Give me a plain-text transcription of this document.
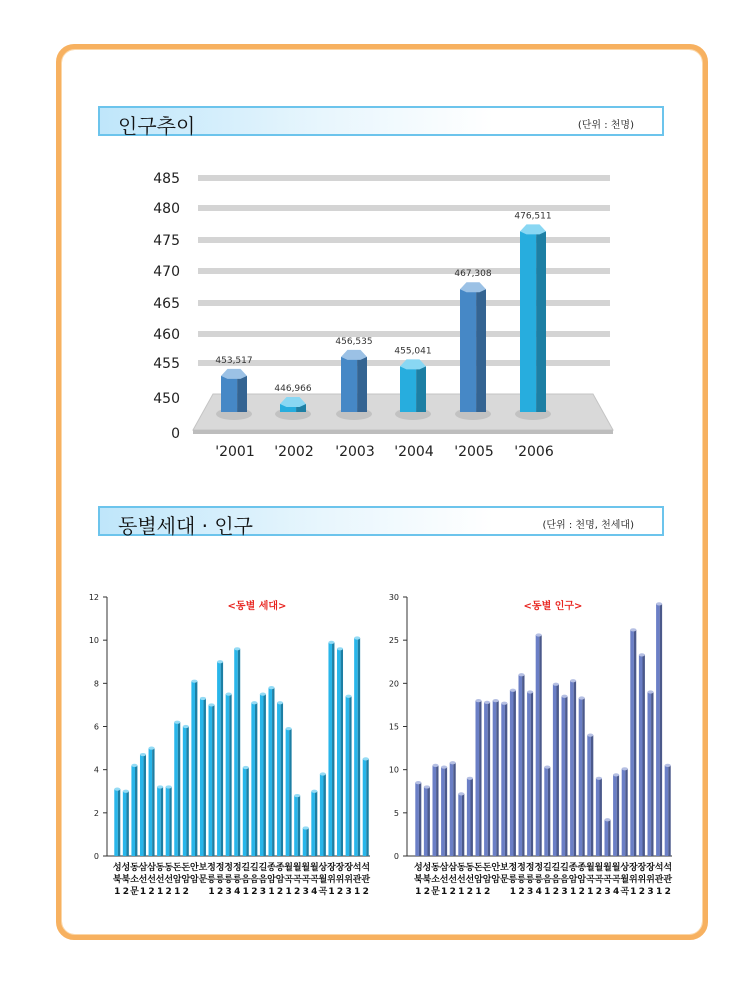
인구추이	(단위 : 천명)
동별세대 · 인구	(단위 : 천명, 천세대)
485
480
475
470
465
460
455
450
0
453,517
'2001
446,966
'2002
456,535
'2003
455,041
'2004
467,308
'2005
476,511
'2006
0
2
4
6
8
10
12
<동별 세대>
성
북
1
성
북
2
동
소
문
삼
선
1
삼
선
2
동
선
1
동
선
2
돈
암
1
돈
암
2
안
암
보
문
정
릉
1
정
릉
2
정
릉
3
정
릉
4
길
음
1
길
음
2
길
음
3
종
암
1
종
암
2
월
곡
1
월
곡
2
월
곡
3
월
곡
4
상
월
곡
장
위
1
장
위
2
장
위
3
석
관
1
석
관
2
0
5
10
15
20
25
30
<동별 인구>
성
북
1
성
북
2
동
소
문
삼
선
1
삼
선
2
동
선
1
동
선
2
돈
암
1
돈
암
2
안
암
보
문
정
릉
1
정
릉
2
정
릉
3
정
릉
4
길
음
1
길
음
2
길
음
3
종
암
1
종
암
2
월
곡
1
월
곡
2
월
곡
3
월
곡
4
상
월
곡
장
위
1
장
위
2
장
위
3
석
관
1
석
관
2
